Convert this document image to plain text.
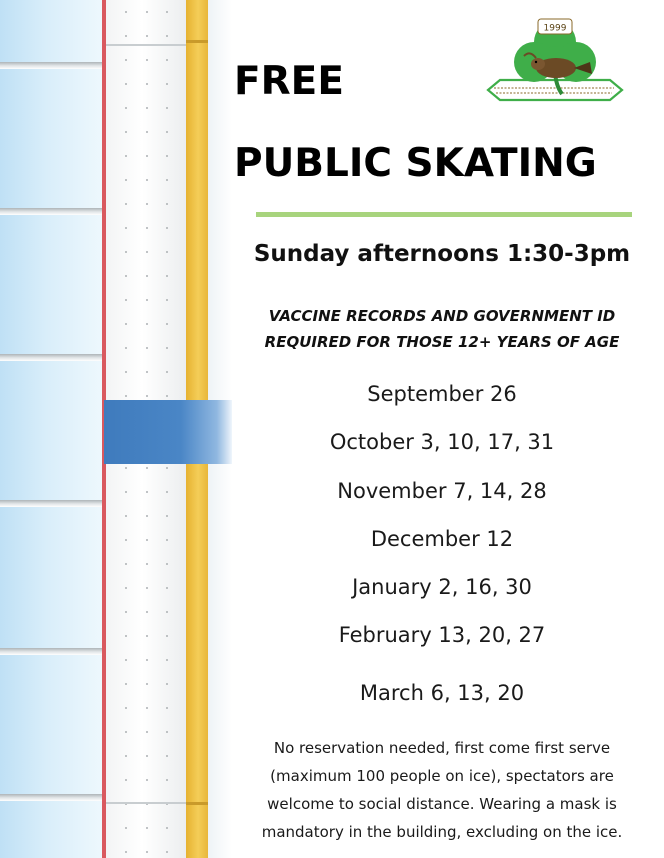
1999
FREE
PUBLIC SKATING
Sunday afternoons 1:30-3pm
VACCINE RECORDS AND GOVERNMENT ID
REQUIRED FOR THOSE 12+ YEARS OF AGE
September 26
October 3, 10, 17, 31
November 7, 14, 28
December 12
January 2, 16, 30
February 13, 20, 27
March 6, 13, 20
No reservation needed, first come first serve
(maximum 100 people on ice), spectators are
welcome to social distance. Wearing a mask is
mandatory in the building, excluding on the ice.
